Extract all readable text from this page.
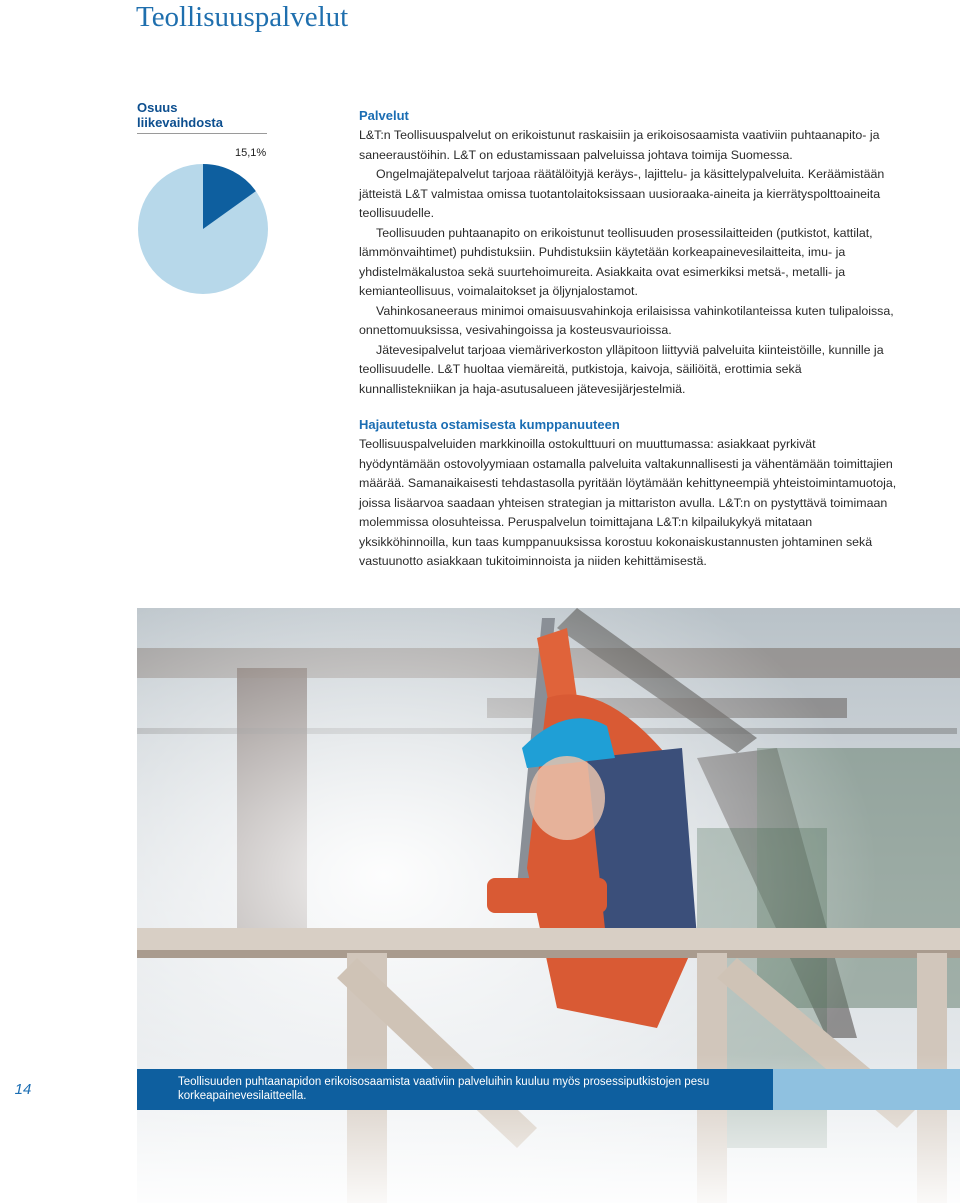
Teollisuuspalvelut
Osuus liikevaihdosta
15,1%
Palvelut

L&T:n Teollisuuspalvelut on erikoistunut raskaisiin ja erikoisosaamista vaativiin puhtaanapito- ja saneeraustöihin. L&T on edustamissaan palveluissa johtava toimija Suomessa.

Ongelmajätepalvelut tarjoaa räätälöityjä keräys-, lajittelu- ja käsittelypalveluita. Keräämistään jätteistä L&T valmistaa omissa tuotantolaitoksissaan uusioraaka-aineita ja kierrätyspolttoaineita teollisuudelle.

Teollisuuden puhtaanapito on erikoistunut teollisuuden prosessilaitteiden (putkistot, kattilat, lämmönvaihtimet) puhdistuksiin. Puhdistuksiin käytetään korkeapainevesilaitteita, imu- ja yhdistelmäkalustoa sekä suurtehoimureita. Asiakkaita ovat esimerkiksi metsä-, metalli- ja kemianteollisuus, voimalaitokset ja öljynjalostamot.

Vahinkosaneeraus minimoi omaisuusvahinkoja erilaisissa vahinkotilanteissa kuten tulipaloissa, onnettomuuksissa, vesivahingoissa ja kosteusvaurioissa.

Jätevesipalvelut tarjoaa viemäriverkoston ylläpitoon liittyviä palveluita kiinteistöille, kunnille ja teollisuudelle. L&T huoltaa viemäreitä, putkistoja, kaivoja, säiliöitä, erottimia sekä kunnallistekniikan ja haja-asutusalueen jätevesijärjestelmiä.

Hajautetusta ostamisesta kumppanuuteen

Teollisuuspalveluiden markkinoilla ostokulttuuri on muuttumassa: asiakkaat pyrkivät hyödyntämään ostovolyymiaan ostamalla palveluita valtakunnallisesti ja vähentämään toimittajien määrää. Samanaikaisesti tehdastasolla pyritään löytämään kehittyneempiä yhteistoimintamuotoja, joissa lisäarvoa saadaan yhteisen strategian ja mittariston avulla. L&T:n on pystyttävä toimimaan molemmissa olosuhteissa. Peruspalvelun toimittajana L&T:n kilpailukykyä mitataan yksikköhinnoilla, kun taas kumppanuuksissa korostuu kokonaiskustannusten johtaminen sekä vastuunotto asiakkaan tukitoiminnoista ja niiden kehittämisestä.

14	Teollisuuden puhtaanapidon erikoisosaamista vaativiin palveluihin kuuluu myös prosessiputkistojen pesu korkeapainevesilaitteella.
